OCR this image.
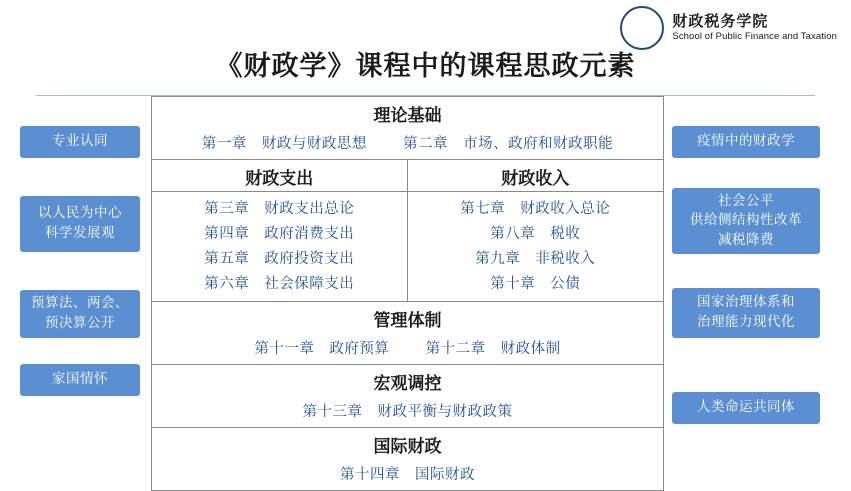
财政税务学院
School of Public Finance and Taxation
《财政学》课程中的课程思政元素
理论基础
第一章　财政与财政思想 第二章　市场、政府和财政职能
财政支出	财政收入
第三章　财政支出总论
第四章　政府消费支出
第五章　政府投资支出
第六章　社会保障支出
第七章　财政收入总论
第八章　税收
第九章　非税收入
第十章　公债
管理体制
第十一章　政府预算 第十二章　财政体制
宏观调控
第十三章　财政平衡与财政政策
国际财政
第十四章　国际财政
专业认同
以人民为中心
科学发展观
预算法、两会、
预决算公开
家国情怀
疫情中的财政学
社会公平
供给侧结构性改革
减税降费
国家治理体系和
治理能力现代化
人类命运共同体
